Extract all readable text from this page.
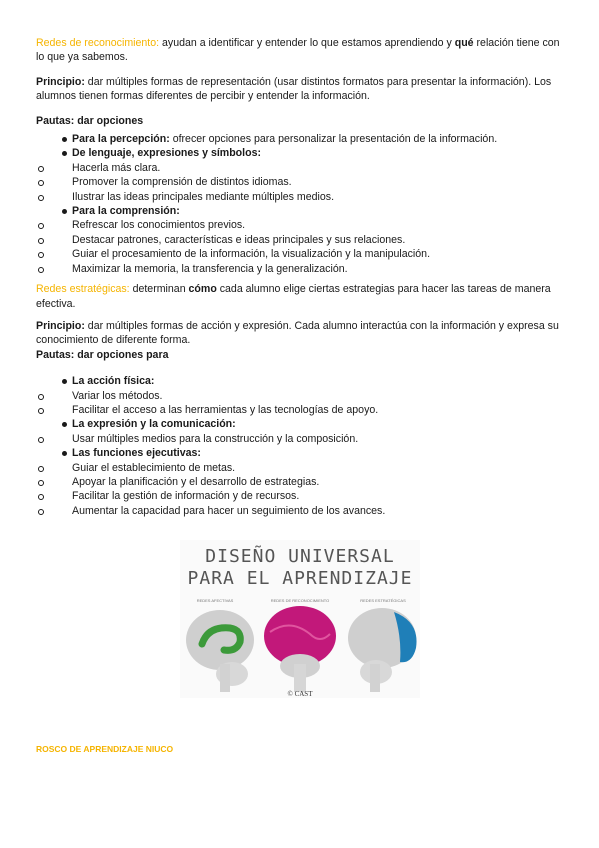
Redes de reconocimiento: ayudan a identificar y entender lo que estamos aprendiendo y qué relación tiene con lo que ya sabemos.

Principio: dar múltiples formas de representación (usar distintos formatos para presentar la información). Los alumnos tienen formas diferentes de percibir y entender la información.

Pautas: dar opciones

Para la percepción: ofrecer opciones para personalizar la presentación de la información.
De lenguaje, expresiones y símbolos:
Hacerla más clara.
Promover la comprensión de distintos idiomas.
Ilustrar las ideas principales mediante múltiples medios.
Para la comprensión:
Refrescar los conocimientos previos.
Destacar patrones, características e ideas principales y sus relaciones.
Guiar el procesamiento de la información, la visualización y la manipulación.
Maximizar la memoria, la transferencia y la generalización.

Redes estratégicas: determinan cómo cada alumno elige ciertas estrategias para hacer las tareas de manera efectiva.

Principio: dar múltiples formas de acción y expresión. Cada alumno interactúa con la información y expresa su conocimiento de diferente forma.

Pautas: dar opciones para

La acción física:
Variar los métodos.
Facilitar el acceso a las herramientas y las tecnologías de apoyo.
La expresión y la comunicación:
Usar múltiples medios para la construcción y la composición.
Las funciones ejecutivas:
Guiar el establecimiento de metas.
Apoyar la planificación y el desarrollo de estrategias.
Facilitar la gestión de información y de recursos.
Aumentar la capacidad para hacer un seguimiento de los avances.
DISEÑO UNIVERSAL
PARA EL APRENDIZAJE
REDES AFECTIVAS	REDES DE RECONOCIMIENTO	REDES ESTRATÉGICAS
© CAST
ROSCO DE APRENDIZAJE NIUCO
